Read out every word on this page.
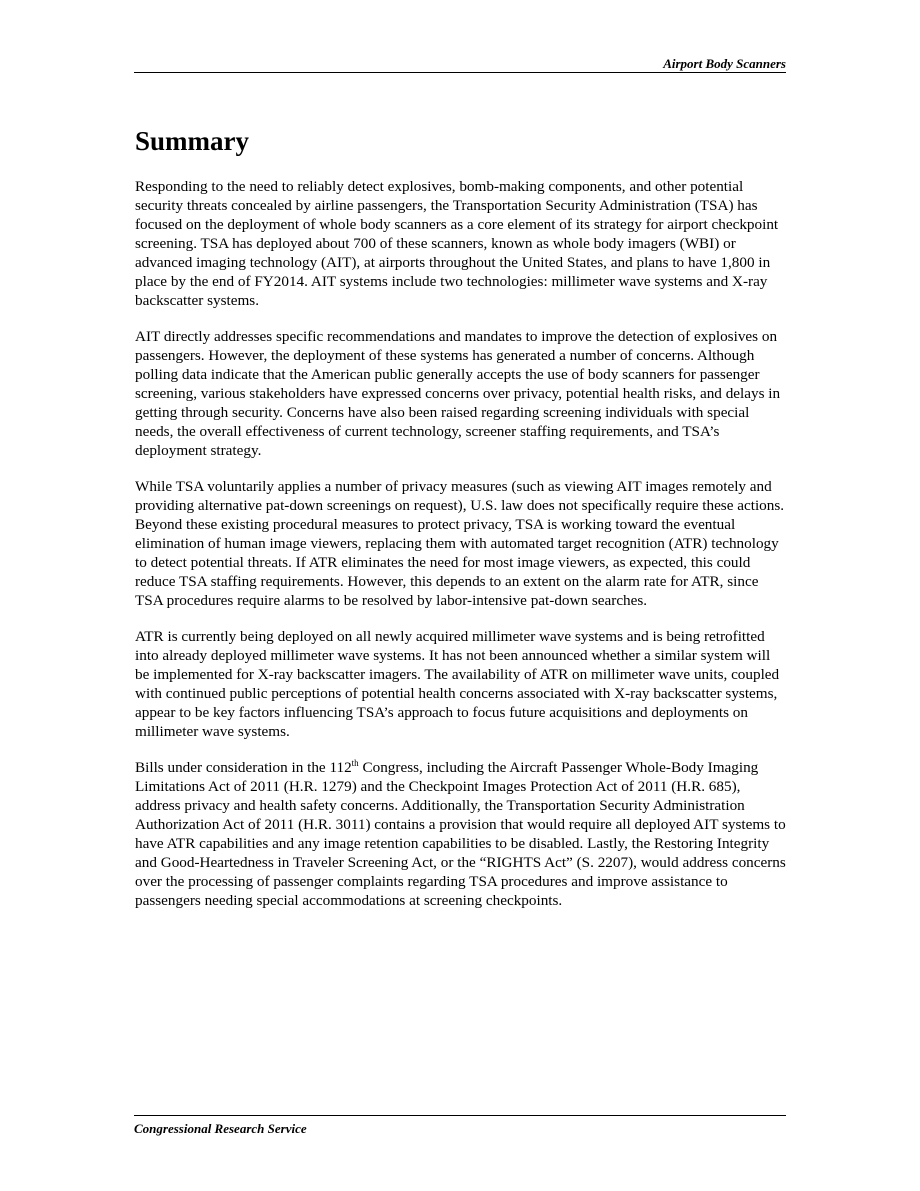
Airport Body Scanners
Summary

Responding to the need to reliably detect explosives, bomb-making components, and other potential security threats concealed by airline passengers, the Transportation Security Administration (TSA) has focused on the deployment of whole body scanners as a core element of its strategy for airport checkpoint screening. TSA has deployed about 700 of these scanners, known as whole body imagers (WBI) or advanced imaging technology (AIT), at airports throughout the United States, and plans to have 1,800 in place by the end of FY2014. AIT systems include two technologies: millimeter wave systems and X-ray backscatter systems.

AIT directly addresses specific recommendations and mandates to improve the detection of explosives on passengers. However, the deployment of these systems has generated a number of concerns. Although polling data indicate that the American public generally accepts the use of body scanners for passenger screening, various stakeholders have expressed concerns over privacy, potential health risks, and delays in getting through security. Concerns have also been raised regarding screening individuals with special needs, the overall effectiveness of current technology, screener staffing requirements, and TSA’s deployment strategy.

While TSA voluntarily applies a number of privacy measures (such as viewing AIT images remotely and providing alternative pat-down screenings on request), U.S. law does not specifically require these actions. Beyond these existing procedural measures to protect privacy, TSA is working toward the eventual elimination of human image viewers, replacing them with automated target recognition (ATR) technology to detect potential threats. If ATR eliminates the need for most image viewers, as expected, this could reduce TSA staffing requirements. However, this depends to an extent on the alarm rate for ATR, since TSA procedures require alarms to be resolved by labor-intensive pat-down searches.

ATR is currently being deployed on all newly acquired millimeter wave systems and is being retrofitted into already deployed millimeter wave systems. It has not been announced whether a similar system will be implemented for X-ray backscatter imagers. The availability of ATR on millimeter wave units, coupled with continued public perceptions of potential health concerns associated with X-ray backscatter systems, appear to be key factors influencing TSA’s approach to focus future acquisitions and deployments on millimeter wave systems.

Bills under consideration in the 112th Congress, including the Aircraft Passenger Whole-Body Imaging Limitations Act of 2011 (H.R. 1279) and the Checkpoint Images Protection Act of 2011 (H.R. 685), address privacy and health safety concerns. Additionally, the Transportation Security Administration Authorization Act of 2011 (H.R. 3011) contains a provision that would require all deployed AIT systems to have ATR capabilities and any image retention capabilities to be disabled. Lastly, the Restoring Integrity and Good-Heartedness in Traveler Screening Act, or the “RIGHTS Act” (S. 2207), would address concerns over the processing of passenger complaints regarding TSA procedures and improve assistance to passengers needing special accommodations at screening checkpoints.

Congressional Research Service
